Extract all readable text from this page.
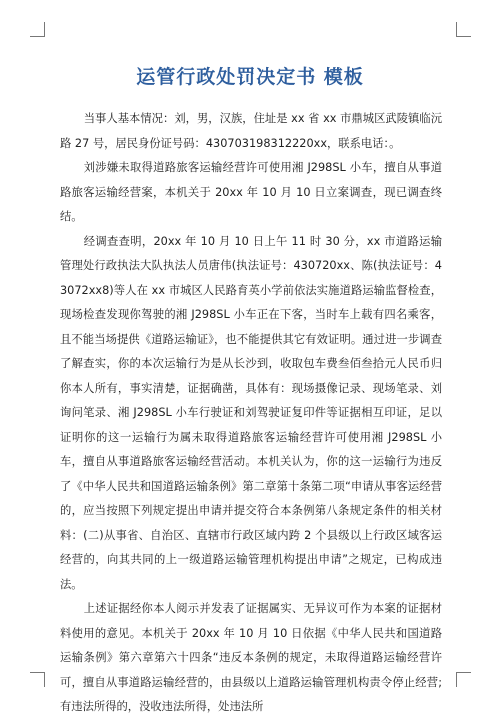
运管行政处罚决定书 模板

当事人基本情况：刘，男，汉族，住址是 xx 省 xx 市鼎城区武陵镇临沅路 27 号，居民身份证号码：430703198312220xx，联系电话：。

刘涉嫌未取得道路旅客运输经营许可使用湘 J298SL 小车，擅自从事道路旅客运输经营案，本机关于 20xx 年 10 月 10 日立案调查，现已调查终结。

经调查查明，20xx 年 10 月 10 日上午 11 时 30 分，xx 市道路运输管理处行政执法大队执法人员唐伟(执法证号：430720xx、陈(执法证号：43072xx8)等人在 xx 市城区人民路育英小学前依法实施道路运输监督检查，现场检查发现你驾驶的湘 J298SL 小车正在下客，当时车上载有四名乘客，且不能当场提供《道路运输证》，也不能提供其它有效证明。通过进一步调查了解查实，你的本次运输行为是从长沙到，收取包车费叁佰叁拾元人民币归你本人所有，事实清楚，证据确凿，具体有：现场摄像记录、现场笔录、刘询问笔录、湘 J298SL 小车行驶证和刘驾驶证复印件等证据相互印证，足以证明你的这一运输行为属未取得道路旅客运输经营许可使用湘 J298SL 小车，擅自从事道路旅客运输经营活动。本机关认为，你的这一运输行为违反了《中华人民共和国道路运输条例》第二章第十条第二项“申请从事客运经营的，应当按照下列规定提出申请并提交符合本条例第八条规定条件的相关材料：(二)从事省、自治区、直辖市行政区域内跨 2 个县级以上行政区域客运经营的，向其共同的上一级道路运输管理机构提出申请”之规定，已构成违法。

上述证据经你本人阅示并发表了证据属实、无异议可作为本案的证据材料使用的意见。本机关于 20xx 年 10 月 10 日依据《中华人民共和国道路运输条例》第六章第六十四条“违反本条例的规定，未取得道路运输经营许可，擅自从事道路运输经营的，由县级以上道路运输管理机构责令停止经营;有违法所得的，没收违法所得，处违法所
